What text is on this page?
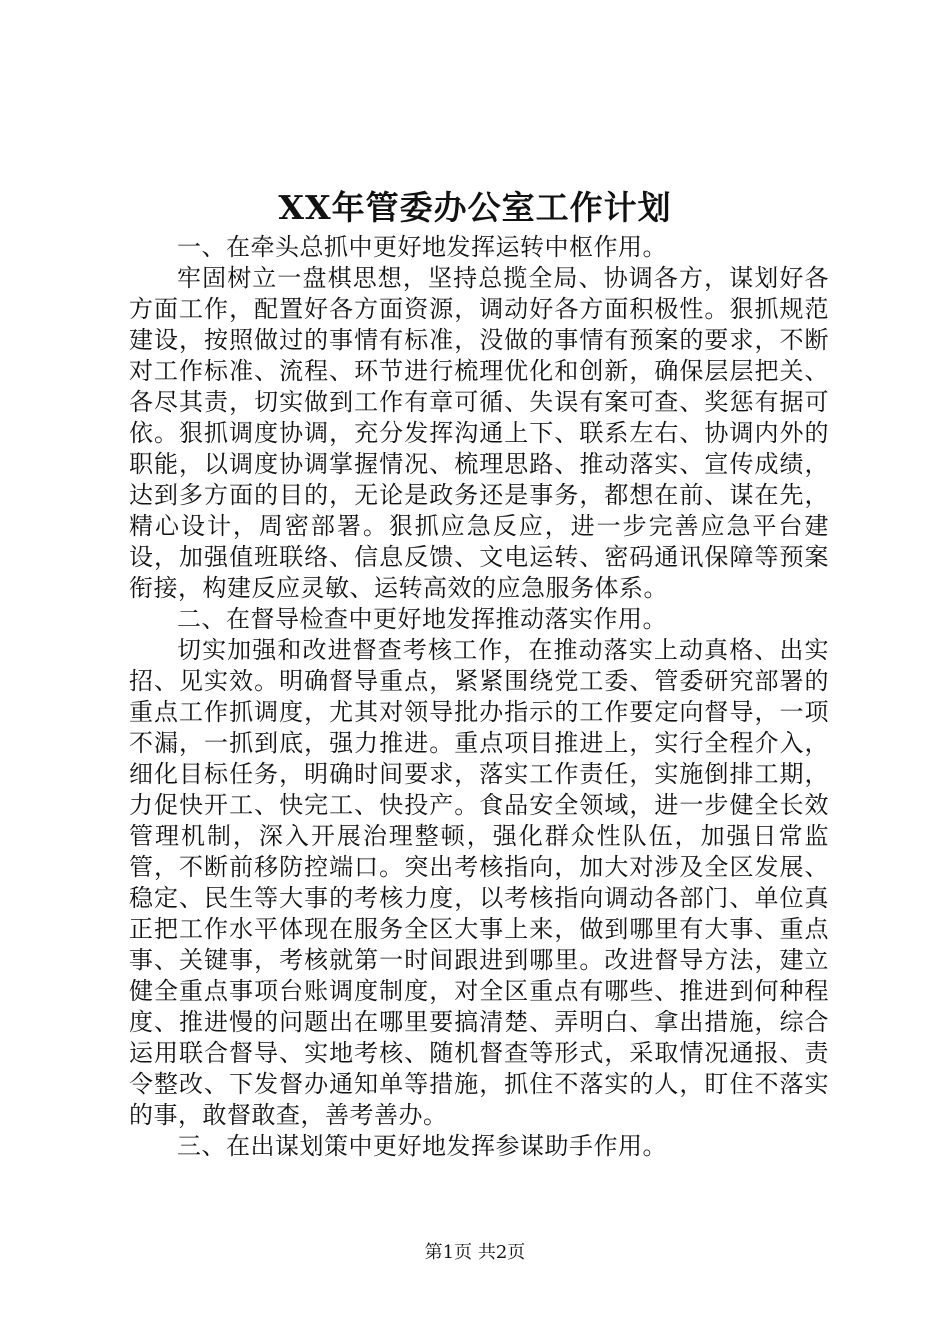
XX年管委办公室工作计划

一、在牵头总抓中更好地发挥运转中枢作用。

牢固树立一盘棋思想，坚持总揽全局、协调各方，谋划好各方面工作，配置好各方面资源，调动好各方面积极性。狠抓规范建设，按照做过的事情有标准，没做的事情有预案的要求，不断对工作标准、流程、环节进行梳理优化和创新，确保层层把关、各尽其责，切实做到工作有章可循、失误有案可查、奖惩有据可依。狠抓调度协调，充分发挥沟通上下、联系左右、协调内外的职能，以调度协调掌握情况、梳理思路、推动落实、宣传成绩，达到多方面的目的，无论是政务还是事务，都想在前、谋在先，精心设计，周密部署。狠抓应急反应，进一步完善应急平台建设，加强值班联络、信息反馈、文电运转、密码通讯保障等预案衔接，构建反应灵敏、运转高效的应急服务体系。

二、在督导检查中更好地发挥推动落实作用。

切实加强和改进督查考核工作，在推动落实上动真格、出实招、见实效。明确督导重点，紧紧围绕党工委、管委研究部署的重点工作抓调度，尤其对领导批办指示的工作要定向督导，一项不漏，一抓到底，强力推进。重点项目推进上，实行全程介入，细化目标任务，明确时间要求，落实工作责任，实施倒排工期，力促快开工、快完工、快投产。食品安全领域，进一步健全长效管理机制，深入开展治理整顿，强化群众性队伍，加强日常监管，不断前移防控端口。突出考核指向，加大对涉及全区发展、稳定、民生等大事的考核力度，以考核指向调动各部门、单位真正把工作水平体现在服务全区大事上来，做到哪里有大事、重点事、关键事，考核就第一时间跟进到哪里。改进督导方法，建立健全重点事项台账调度制度，对全区重点有哪些、推进到何种程度、推进慢的问题出在哪里要搞清楚、弄明白、拿出措施，综合运用联合督导、实地考核、随机督查等形式，采取情况通报、责令整改、下发督办通知单等措施，抓住不落实的人，盯住不落实的事，敢督敢查，善考善办。

三、在出谋划策中更好地发挥参谋助手作用。

第1页 共2页
